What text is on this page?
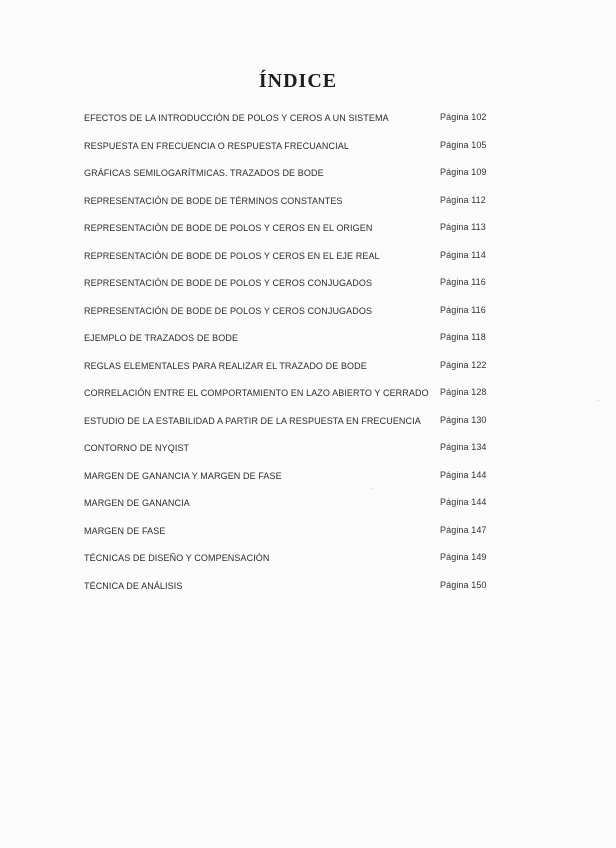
ÍNDICE
EFECTOS DE LA INTRODUCCIÓN DE POLOS Y CEROS A UN SISTEMA	Página 102
RESPUESTA EN FRECUENCIA O RESPUESTA FRECUANCIAL	Página 105
GRÁFICAS SEMILOGARÍTMICAS. TRAZADOS DE BODE	Página 109
REPRESENTACIÓN DE BODE DE TÉRMINOS CONSTANTES	Página 112
REPRESENTACIÓN DE BODE DE POLOS Y CEROS EN EL ORIGEN	Página 113
REPRESENTACIÓN DE BODE DE POLOS Y CEROS EN EL EJE REAL	Página 114
REPRESENTACIÓN DE BODE DE POLOS Y CEROS CONJUGADOS	Página 116
REPRESENTACIÓN DE BODE DE POLOS Y CEROS CONJUGADOS	Página 116
EJEMPLO DE TRAZADOS DE BODE	Página 118
REGLAS ELEMENTALES PARA REALIZAR EL TRAZADO DE BODE	Página 122
CORRELACIÓN ENTRE EL COMPORTAMIENTO EN LAZO ABIERTO Y CERRADO Página 128
ESTUDIO DE LA ESTABILIDAD A PARTIR DE LA RESPUESTA EN FRECUENCIA Página 130
CONTORNO DE NYQIST	Página 134
MARGEN DE GANANCIA Y MARGEN DE FASE	Página 144
MARGEN DE GANANCIA	Página 144
MARGEN DE FASE	Página 147
TÉCNICAS DE DISEÑO Y COMPENSACIÓN	Página 149
TÉCNICA DE ANÁLISIS	Página 150
